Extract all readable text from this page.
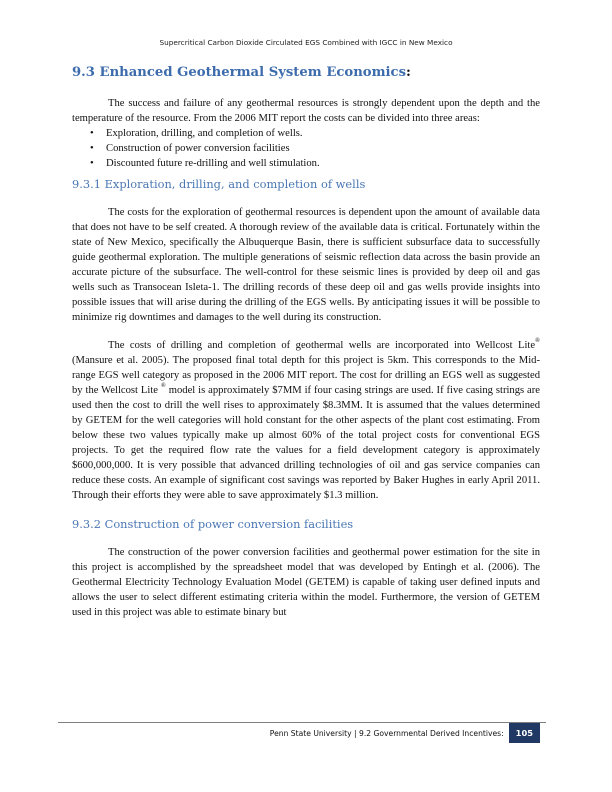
Supercritical Carbon Dioxide Circulated EGS Combined with IGCC in New Mexico
9.3 Enhanced Geothermal System Economics:

The success and failure of any geothermal resources is strongly dependent upon the depth and the temperature of the resource. From the 2006 MIT report the costs can be divided into three areas:

• Exploration, drilling, and completion of wells.
• Construction of power conversion facilities
• Discounted future re-drilling and well stimulation.
9.3.1 Exploration, drilling, and completion of wells

The costs for the exploration of geothermal resources is dependent upon the amount of available data that does not have to be self created. A thorough review of the available data is critical. Fortunately within the state of New Mexico, specifically the Albuquerque Basin, there is sufficient subsurface data to successfully guide geothermal exploration. The multiple generations of seismic reflection data across the basin provide an accurate picture of the subsurface. The well-control for these seismic lines is provided by deep oil and gas wells such as Transocean Isleta-1. The drilling records of these deep oil and gas wells provide insights into possible issues that will arise during the drilling of the EGS wells. By anticipating issues it will be possible to minimize rig downtimes and damages to the well during its construction.

The costs of drilling and completion of geothermal wells are incorporated into Wellcost Lite® (Mansure et al. 2005). The proposed final total depth for this project is 5km. This corresponds to the Mid-range EGS well category as proposed in the 2006 MIT report. The cost for drilling an EGS well as suggested by the Wellcost Lite ® model is approximately $7MM if four casing strings are used. If five casing strings are used then the cost to drill the well rises to approximately $8.3MM. It is assumed that the values determined by GETEM for the well categories will hold constant for the other aspects of the plant cost estimating. From below these two values typically make up almost 60% of the total project costs for conventional EGS projects. To get the required flow rate the values for a field development category is approximately $600,000,000. It is very possible that advanced drilling technologies of oil and gas service companies can reduce these costs. An example of significant cost savings was reported by Baker Hughes in early April 2011. Through their efforts they were able to save approximately $1.3 million.

9.3.2 Construction of power conversion facilities

The construction of the power conversion facilities and geothermal power estimation for the site in this project is accomplished by the spreadsheet model that was developed by Entingh et al. (2006). The Geothermal Electricity Technology Evaluation Model (GETEM) is capable of taking user defined inputs and allows the user to select different estimating criteria within the model. Furthermore, the version of GETEM used in this project was able to estimate binary but

Penn State University | 9.2 Governmental Derived Incentives:	105
